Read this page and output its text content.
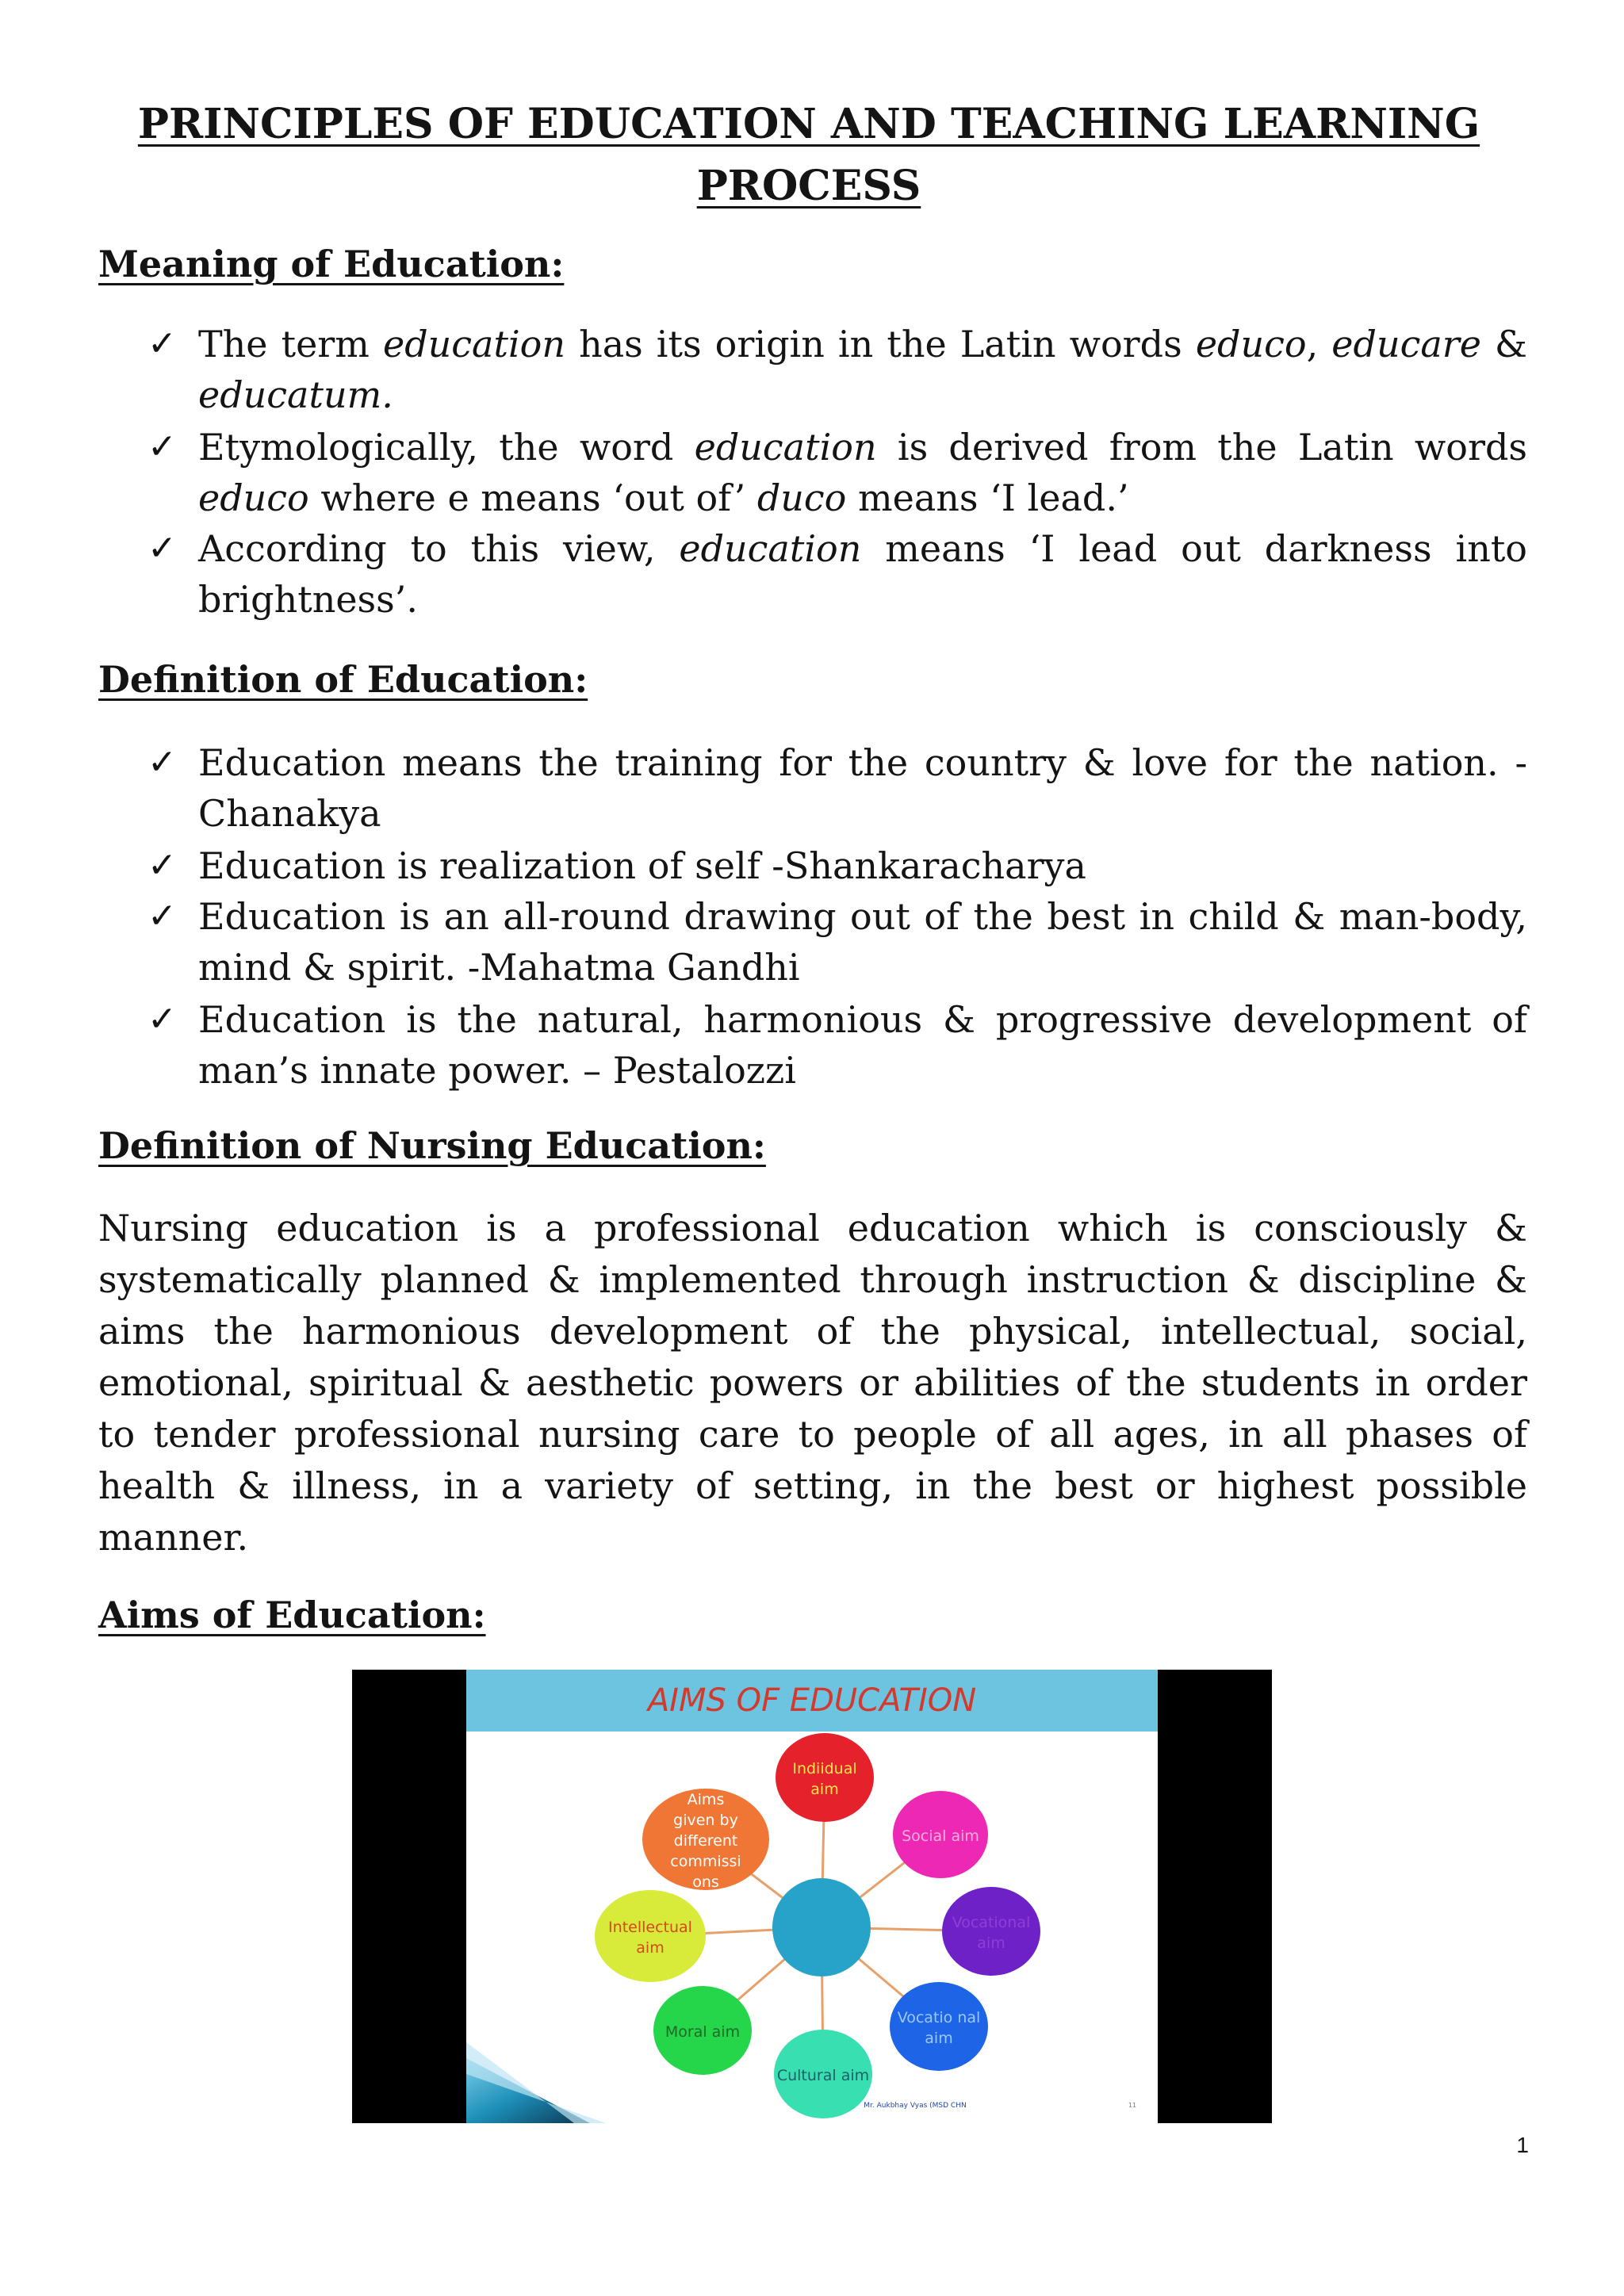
PRINCIPLES OF EDUCATION AND TEACHING LEARNING PROCESS
Meaning of Education:
✓ The term education has its origin in the Latin words educo, educare & educatum.
✓ Etymologically, the word education is derived from the Latin words educo where e means ‘out of’ duco means ‘I lead.’
✓ According to this view, education means ‘I lead out darkness into brightness’.
Definition of Education:
✓ Education means the training for the country & love for the nation. -Chanakya
✓ Education is realization of self -Shankaracharya
✓ Education is an all-round drawing out of the best in child & man-body, mind & spirit. -Mahatma Gandhi
✓ Education is the natural, harmonious & progressive development of man’s innate power. – Pestalozzi
Definition of Nursing Education:
Nursing education is a professional education which is consciously & systematically planned & implemented through instruction & discipline & aims the harmonious development of the physical, intellectual, social, emotional, spiritual & aesthetic powers or abilities of the students in order to tender professional nursing care to people of all ages, in all phases of health & illness, in a variety of setting, in the best or highest possible manner.
Aims of Education:
AIMS OF EDUCATION
Indiidual aim
Social aim
Vocational aim
Vocatio nal aim
Cultural aim
Moral aim
Intellectual aim
Aims given by different commissi ons
Mr. Aukbhay Vyas (MSD CHN	11
1
